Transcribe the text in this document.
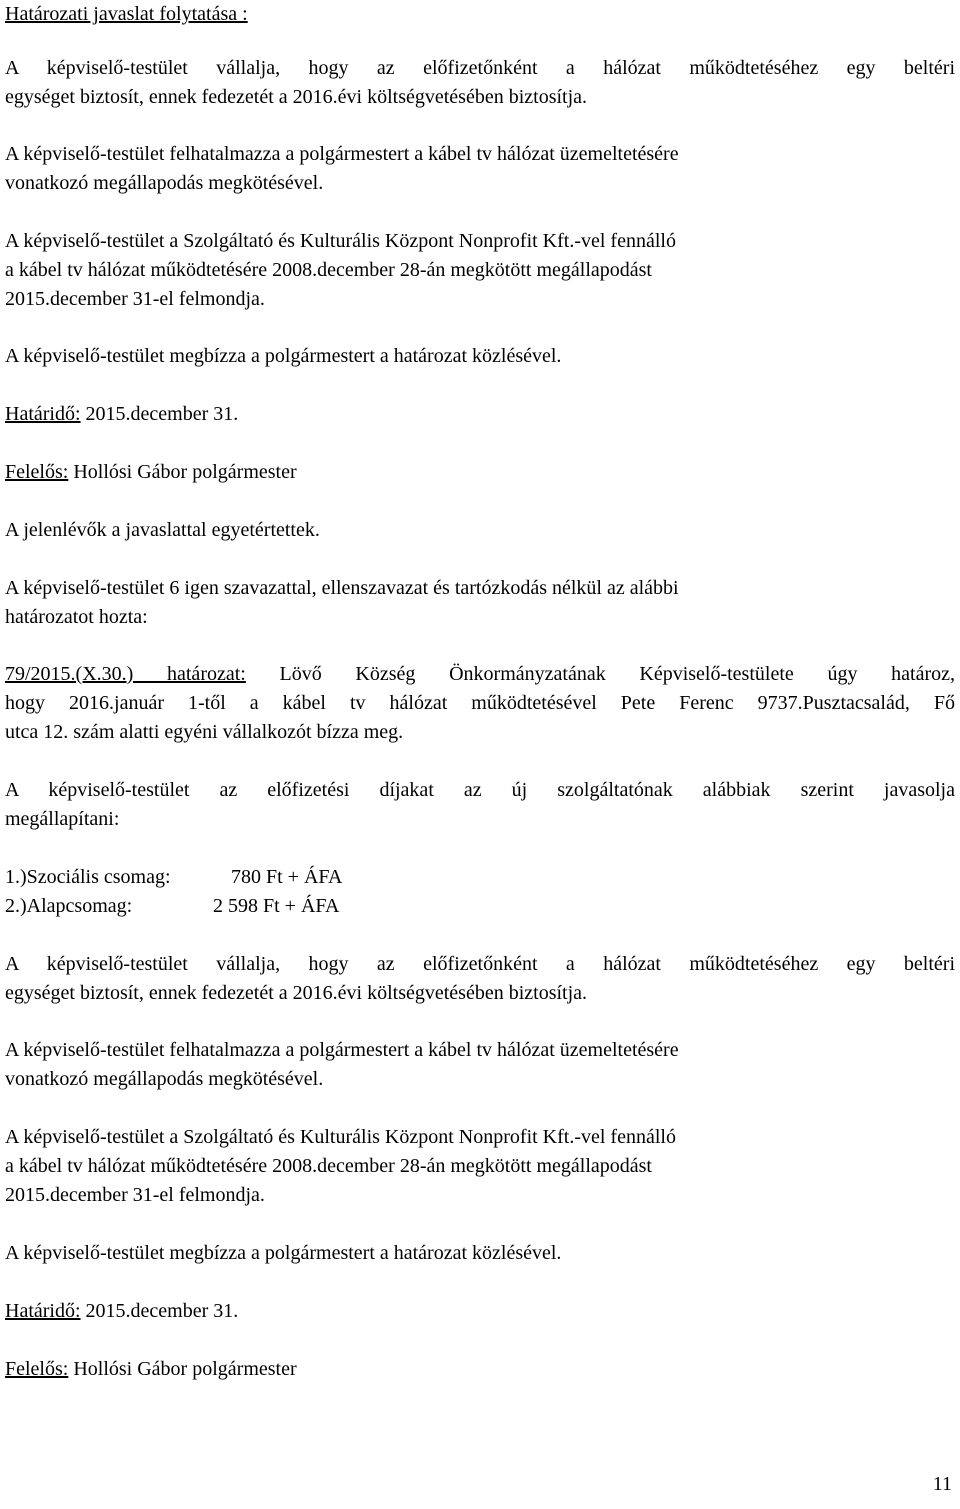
Határozati javaslat folytatása :
A képviselő-testület vállalja, hogy az előfizetőnként a hálózat működtetéséhez egy beltéri
egységet biztosít, ennek fedezetét a 2016.évi költségvetésében biztosítja.
A képviselő-testület felhatalmazza a polgármestert a kábel tv hálózat üzemeltetésére
vonatkozó megállapodás megkötésével.
A képviselő-testület a Szolgáltató és Kulturális Központ Nonprofit Kft.-vel fennálló
a kábel tv hálózat működtetésére 2008.december 28-án megkötött megállapodást
2015.december 31-el felmondja.
A képviselő-testület megbízza a polgármestert a határozat közlésével.
Határidő: 2015.december 31.
Felelős: Hollósi Gábor polgármester
A jelenlévők a javaslattal egyetértettek.
A képviselő-testület 6 igen szavazattal, ellenszavazat és tartózkodás nélkül az alábbi
határozatot hozta:
79/2015.(X.30.) határozat: Lövő Község Önkormányzatának Képviselő-testülete úgy határoz,
hogy 2016.január 1-től a kábel tv hálózat működtetésével Pete Ferenc 9737.Pusztacsalád, Fő
utca 12. szám alatti egyéni vállalkozót bízza meg.
A képviselő-testület az előfizetési díjakat az új szolgáltatónak alábbiak szerint javasolja
megállapítani:
1.)Szociális csomag:	780 Ft + ÁFA
2.)Alapcsomag:	2 598 Ft + ÁFA
A képviselő-testület vállalja, hogy az előfizetőnként a hálózat működtetéséhez egy beltéri
egységet biztosít, ennek fedezetét a 2016.évi költségvetésében biztosítja.
A képviselő-testület felhatalmazza a polgármestert a kábel tv hálózat üzemeltetésére
vonatkozó megállapodás megkötésével.
A képviselő-testület a Szolgáltató és Kulturális Központ Nonprofit Kft.-vel fennálló
a kábel tv hálózat működtetésére 2008.december 28-án megkötött megállapodást
2015.december 31-el felmondja.
A képviselő-testület megbízza a polgármestert a határozat közlésével.
Határidő: 2015.december 31.
Felelős: Hollósi Gábor polgármester
11
